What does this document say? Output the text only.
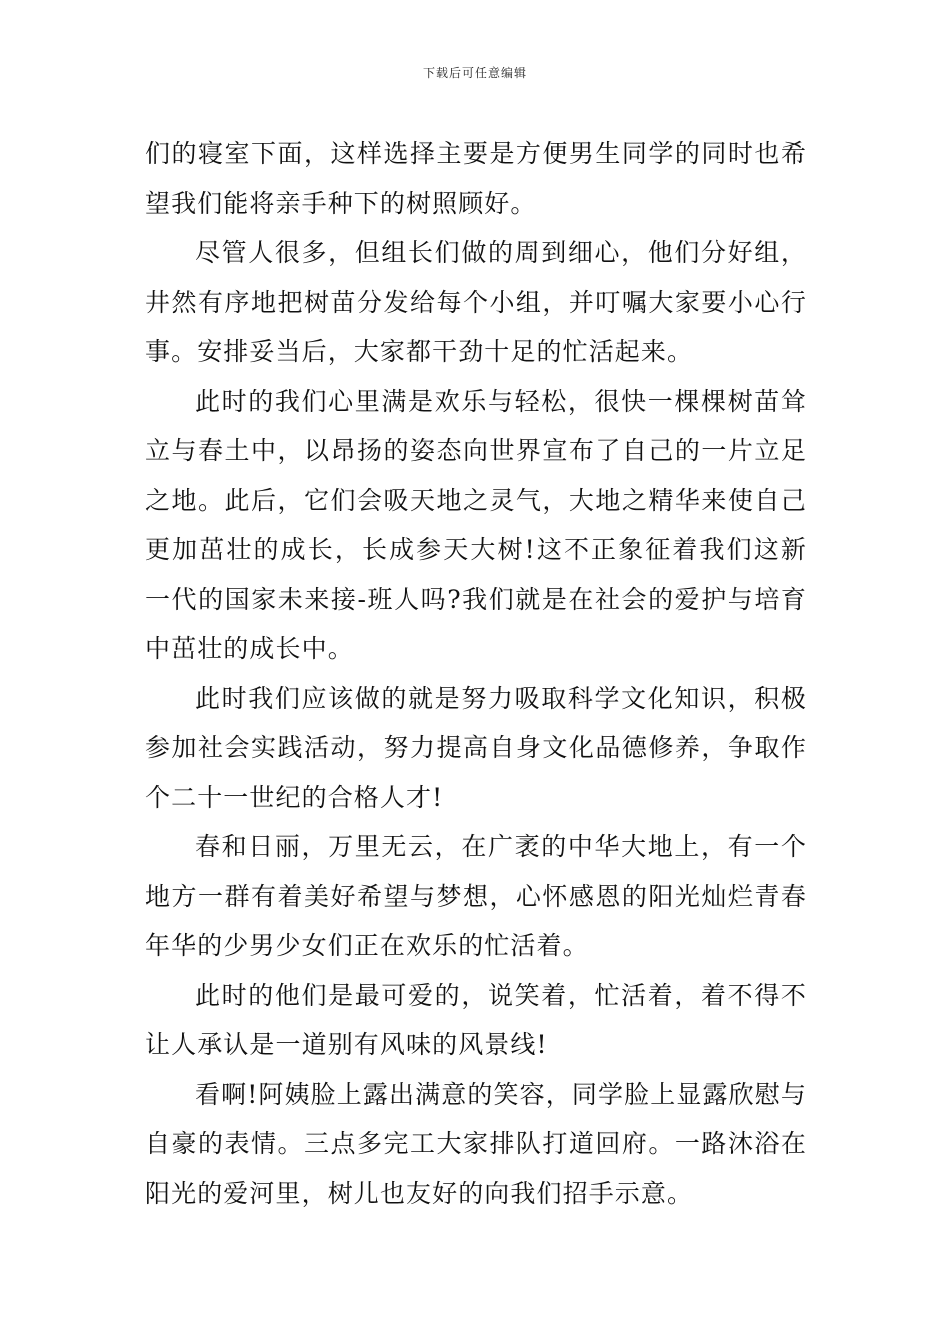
下载后可任意编辑

们的寝室下面，这样选择主要是方便男生同学的同时也希望我们能将亲手种下的树照顾好。

尽管人很多，但组长们做的周到细心，他们分好组，井然有序地把树苗分发给每个小组，并叮嘱大家要小心行事。安排妥当后，大家都干劲十足的忙活起来。

此时的我们心里满是欢乐与轻松，很快一棵棵树苗耸立与春土中，以昂扬的姿态向世界宣布了自己的一片立足之地。此后，它们会吸天地之灵气，大地之精华来使自己更加茁壮的成长，长成参天大树!这不正象征着我们这新一代的国家未来接-班人吗?我们就是在社会的爱护与培育中茁壮的成长中。

此时我们应该做的就是努力吸取科学文化知识，积极参加社会实践活动，努力提高自身文化品德修养，争取作个二十一世纪的合格人才!

春和日丽，万里无云，在广袤的中华大地上，有一个地方一群有着美好希望与梦想，心怀感恩的阳光灿烂青春年华的少男少女们正在欢乐的忙活着。

此时的他们是最可爱的，说笑着，忙活着，着不得不让人承认是一道别有风味的风景线!

看啊!阿姨脸上露出满意的笑容，同学脸上显露欣慰与自豪的表情。三点多完工大家排队打道回府。一路沐浴在阳光的爱河里，树儿也友好的向我们招手示意。
